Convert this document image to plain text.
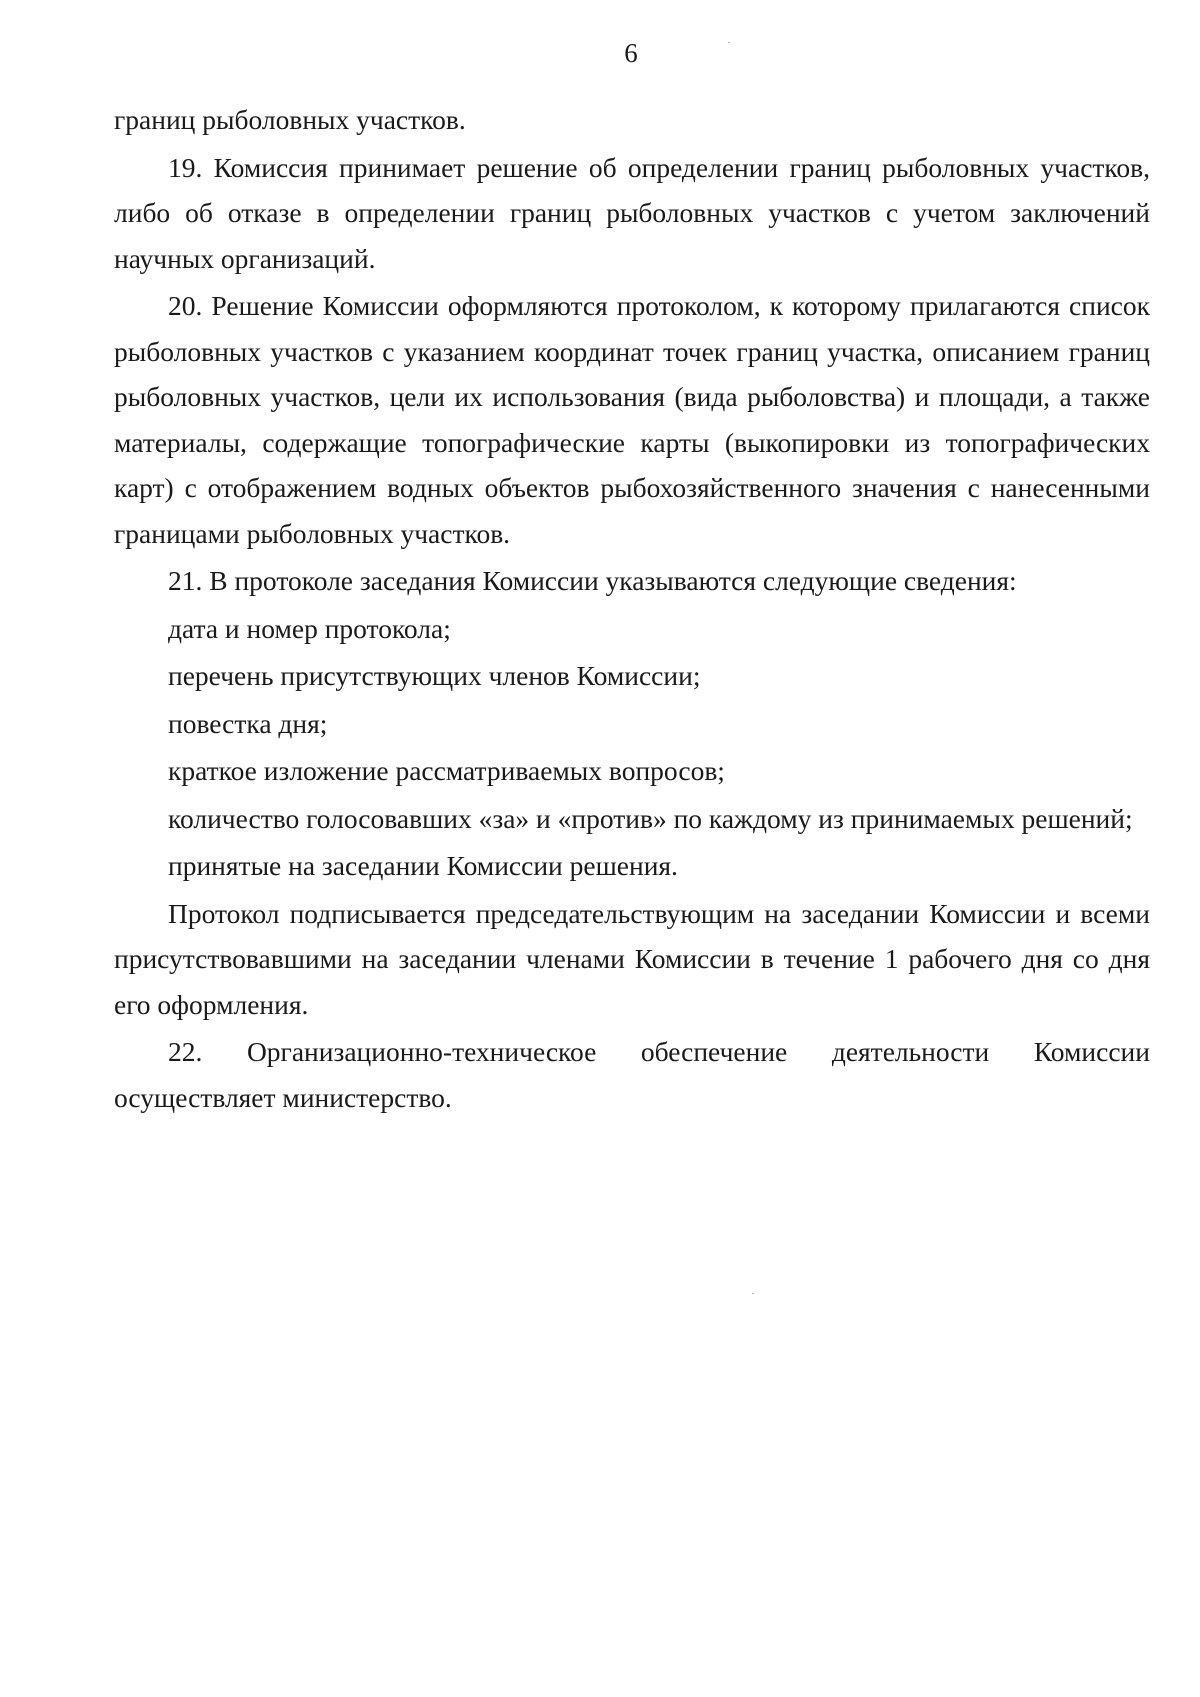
6

границ рыболовных участков.

19. Комиссия принимает решение об определении границ рыболовных участков, либо об отказе в определении границ рыболовных участков с учетом заключений научных организаций.

20. Решение Комиссии оформляются протоколом, к которому прилагаются список рыболовных участков с указанием координат точек границ участка, описанием границ рыболовных участков, цели их использования (вида рыболовства) и площади, а также материалы, содержащие топографические карты (выкопировки из топографических карт) с отображением водных объектов рыбохозяйственного значения с нанесенными границами рыболовных участков.

21. В протоколе заседания Комиссии указываются следующие сведения:

дата и номер протокола;

перечень присутствующих членов Комиссии;

повестка дня;

краткое изложение рассматриваемых вопросов;

количество голосовавших «за» и «против» по каждому из принимаемых решений;

принятые на заседании Комиссии решения.

Протокол подписывается председательствующим на заседании Комиссии и всеми присутствовавшими на заседании членами Комиссии в течение 1 рабочего дня со дня его оформления.

22. Организационно-техническое обеспечение деятельности Комиссии

осуществляет министерство.
